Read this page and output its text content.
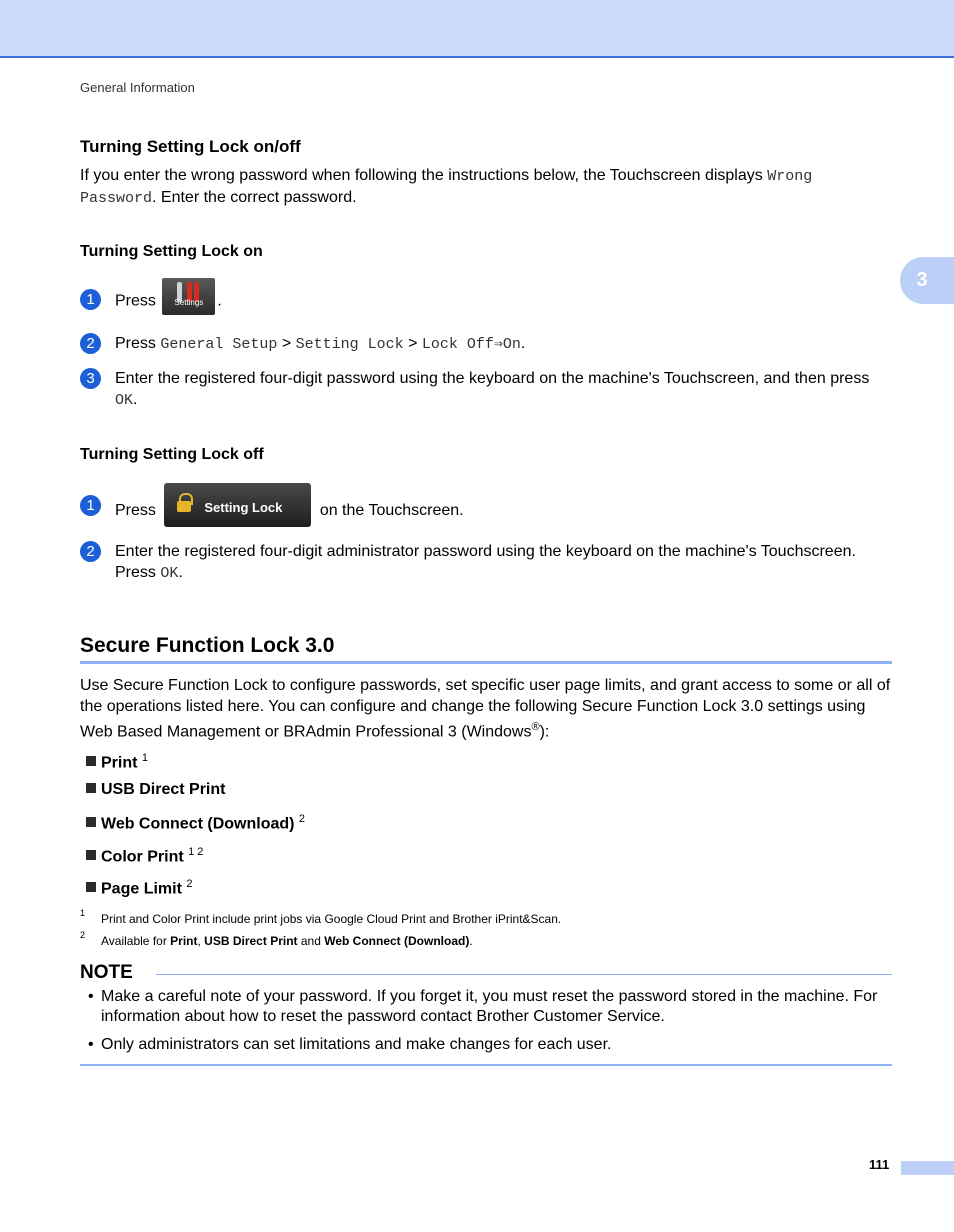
General Information
3
Turning Setting Lock on/off
If you enter the wrong password when following the instructions below, the Touchscreen displays Wrong Password. Enter the correct password.
Turning Setting Lock on
1	Press	Settings .
2	Press General Setup > Setting Lock > Lock Off⇒On.
3	Enter the registered four-digit password using the keyboard on the machine's Touchscreen, and then press OK.
Turning Setting Lock off
1	Press	Setting Lock on the Touchscreen.
2	Enter the registered four-digit administrator password using the keyboard on the machine's Touchscreen.
Press OK.
Secure Function Lock 3.0
Use Secure Function Lock to configure passwords, set specific user page limits, and grant access to some or all of the operations listed here. You can configure and change the following Secure Function Lock 3.0 settings using Web Based Management or BRAdmin Professional 3 (Windows®):
Print $^1$
USB Direct Print
Web Connect (Download) $^2$
Color Print $^{1 2}$
Page Limit $^2$
1 Print and Color Print include print jobs via Google Cloud Print and Brother iPrint&Scan.
2 Available for Print, USB Direct Print and Web Connect (Download).
NOTE
• Make a careful note of your password. If you forget it, you must reset the password stored in the machine. For information about how to reset the password contact Brother Customer Service.
• Only administrators can set limitations and make changes for each user.
111
